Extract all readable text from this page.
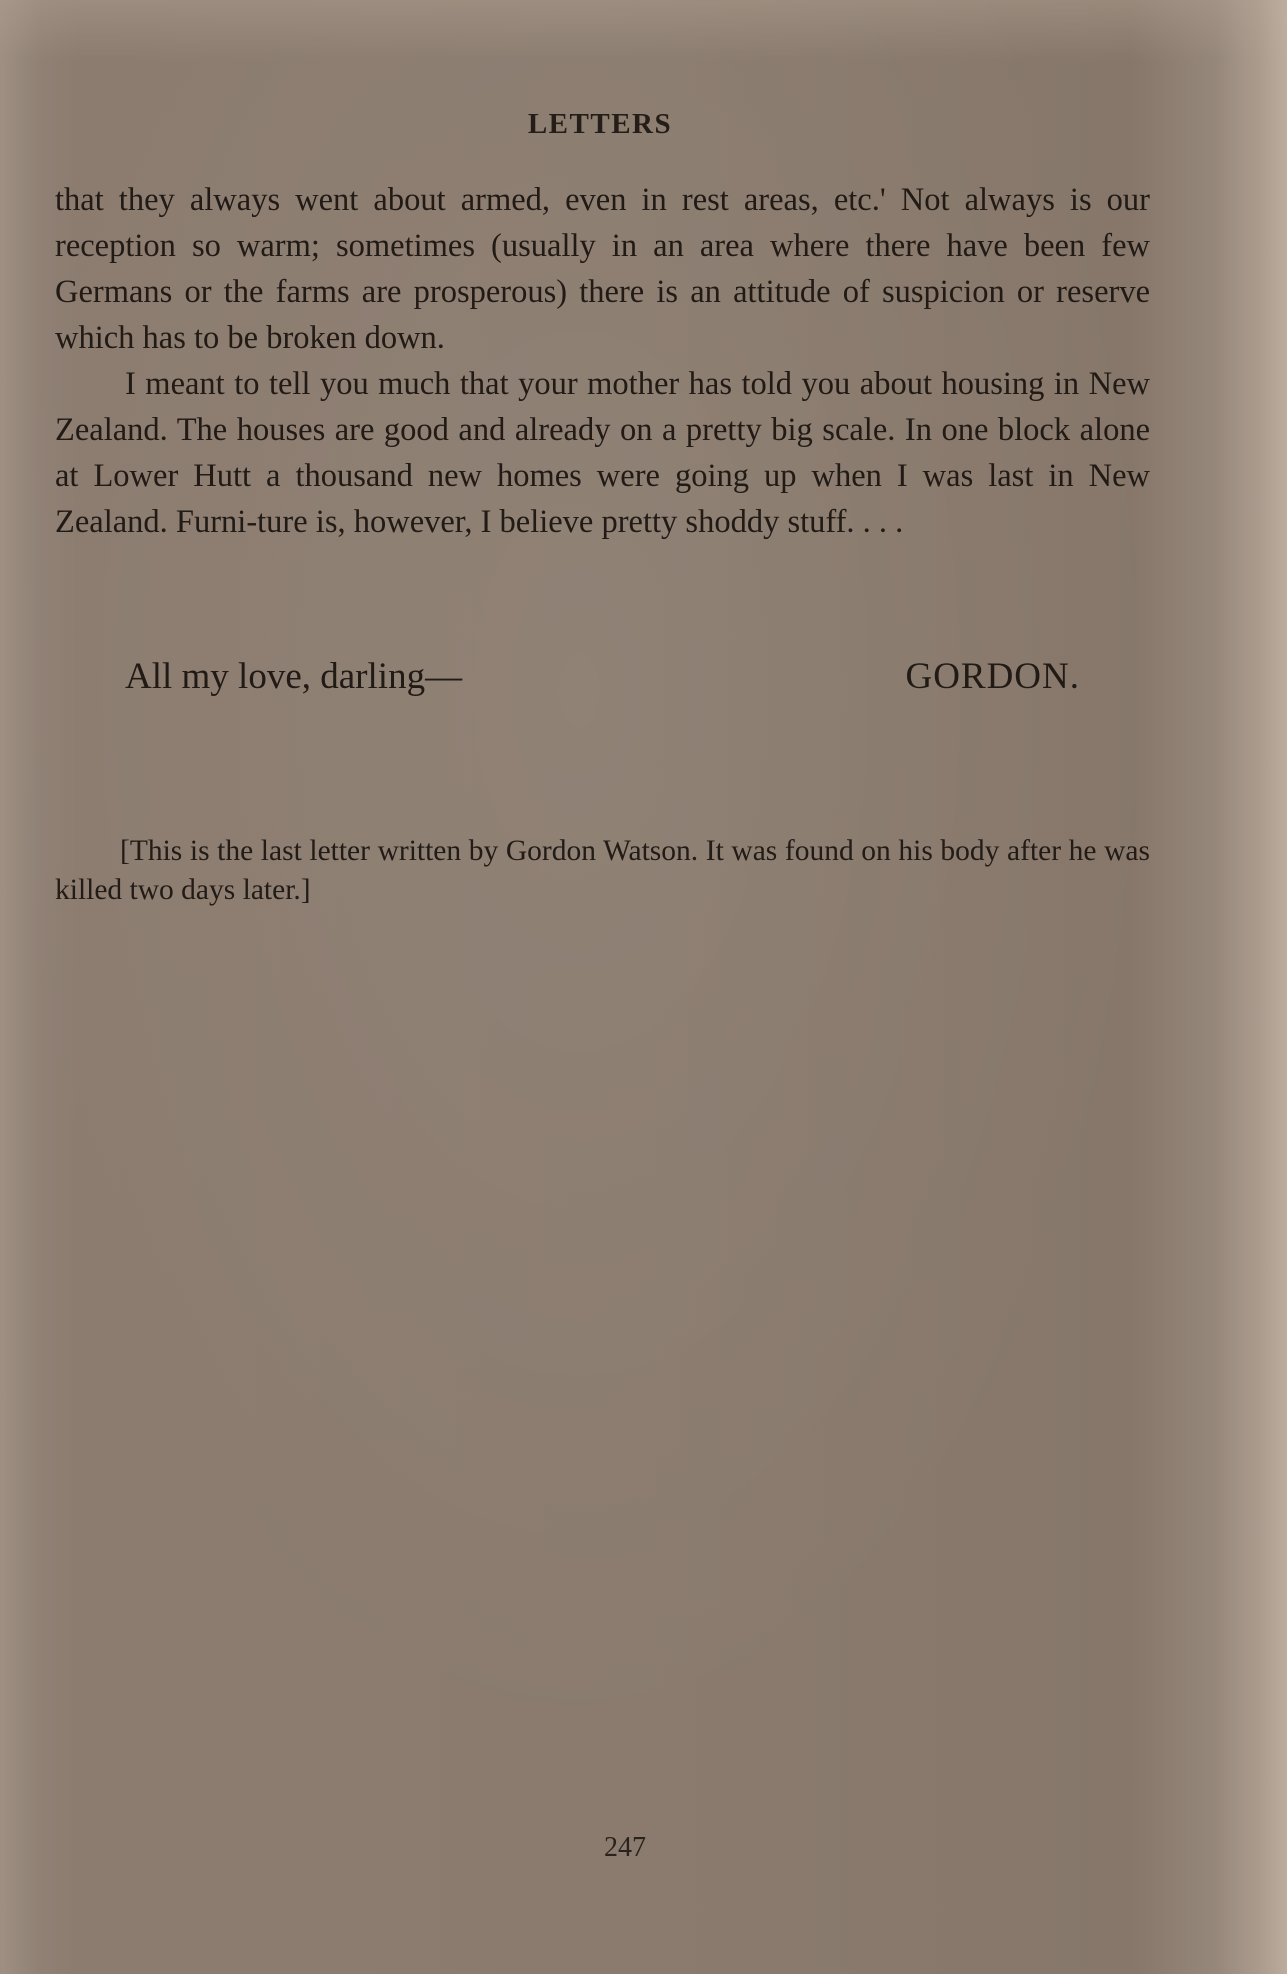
LETTERS

that they always went about armed, even in rest areas, etc.' Not always is our reception so warm; sometimes (usually in an area where there have been few Germans or the farms are prosperous) there is an attitude of suspicion or reserve which has to be broken down.

I meant to tell you much that your mother has told you about housing in New Zealand. The houses are good and already on a pretty big scale. In one block alone at Lower Hutt a thousand new homes were going up when I was last in New Zealand. Furni-ture is, however, I believe pretty shoddy stuff. . . .

All my love, darling—	GORDON.

[This is the last letter written by Gordon Watson. It was found on his body after he was killed two days later.]

247
